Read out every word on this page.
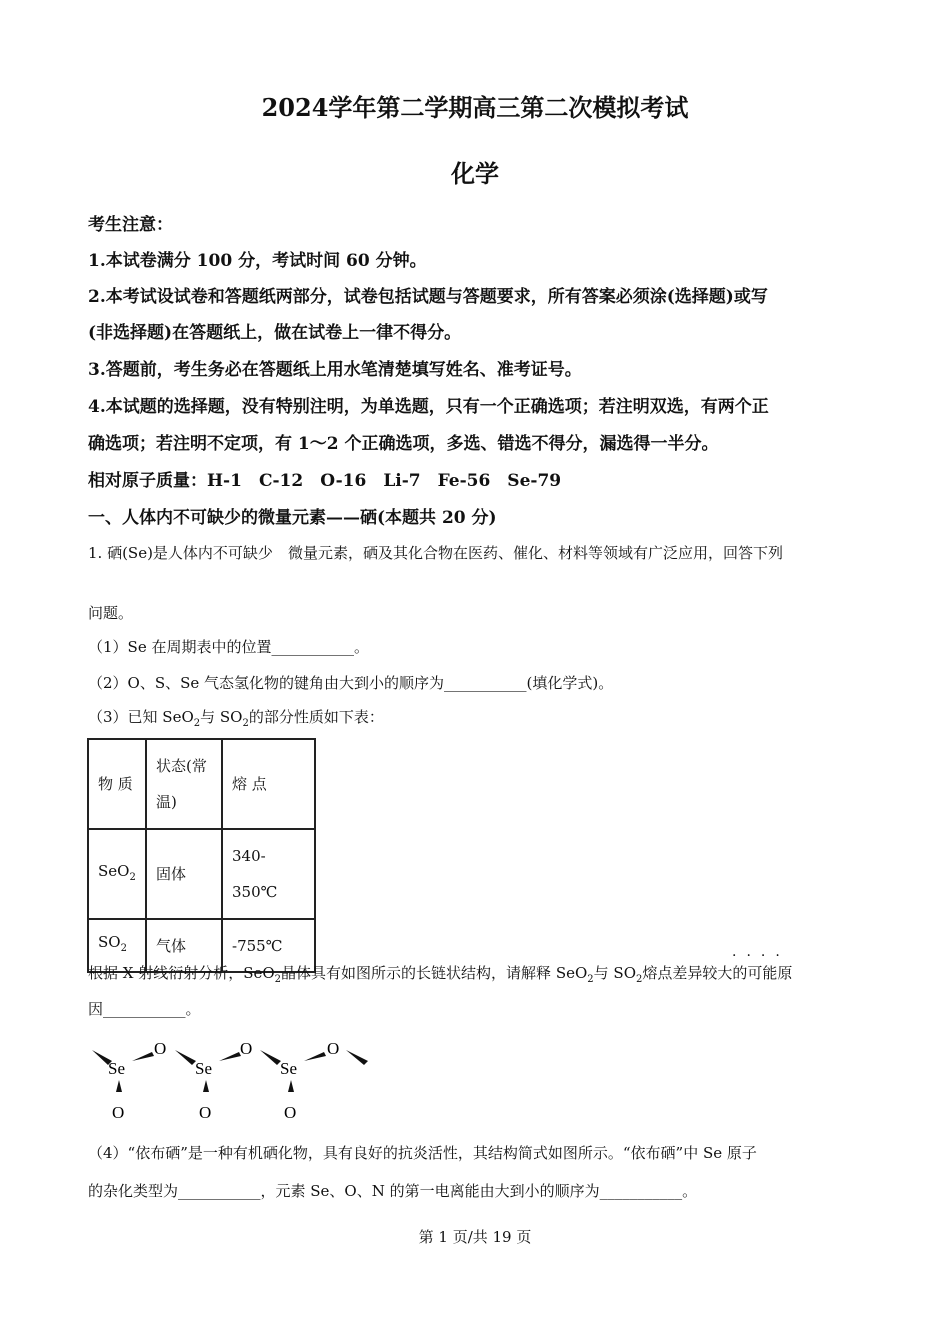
2024学年第二学期高三第二次模拟考试
化学
考生注意：
1.本试卷满分 100 分，考试时间 60 分钟。
2.本考试设试卷和答题纸两部分，试卷包括试题与答题要求，所有答案必须涂(选择题)或写
(非选择题)在答题纸上，做在试卷上一律不得分。
3.答题前，考生务必在答题纸上用水笔清楚填写姓名、准考证号。
4.本试题的选择题，没有特别注明，为单选题，只有一个正确选项；若注明双选，有两个正
确选项；若注明不定项，有 1～2 个正确选项，多选、错选不得分，漏选得一半分。
相对原子质量：H-1　C-12　O-16　Li-7　Fe-56　Se-79
一、人体内不可缺少的微量元素——硒(本题共 20 分)
1. 硒(Se)是人体内不可缺少　微量元素，硒及其化合物在医药、催化、材料等领域有广泛应用，回答下列
问题。
（1）Se 在周期表中的位置___________。
（2）O、S、Se 气态氢化物的键角由大到小的顺序为___________(填化学式)。
（3）已知 SeO$_2$与 $SO_2$的部分性质如下表：
物 质	状态(常温)	熔 点
SeO$_2$	固体	340-350℃
$SO_2$	气体	-755℃
····
根据 X 射线衍射分析，SeO$_2$晶体具有如图所示的长链状结构，请解释 SeO$_2$与 $SO_2$熔点差异较大的可能原
因___________。
Se
O
O
Se
O
O
Se
O
O
（4）“依布硒”是一种有机硒化物，具有良好的抗炎活性，其结构简式如图所示。“依布硒”中 Se 原子
的杂化类型为___________，元素 Se、O、N 的第一电离能由大到小的顺序为___________。
第 1 页/共 19 页
